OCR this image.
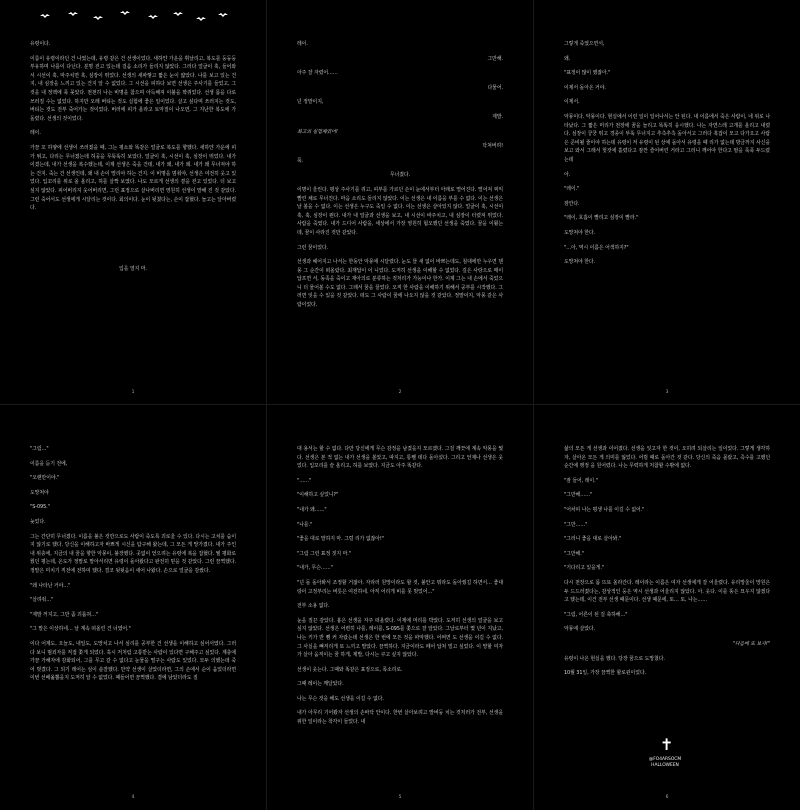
유령이다.

이름이 유령이라던 건 나였는데, 유령 같은 건 선생이었다. 새하얀 가운을 휘날리고, 복도를 둥둥둥 부유하며 나를이 다닌다. 분명 걷고 있는데 걸음 소리가 들리지 않았다. 그러다 얼굴이 훅, 들어와서 시선이 훅, 마주치면 훅, 심장이 뛰었다. 선생의 새파랗고 짧은 눈이 얇았다. 나를 보고 있는 건지, 내 심장을 느끼고 있는 건지 알 수 없었다. 그 시선을 피하다 보면 선생은 주사기를 들었고, 그것을 내 정맥에 푹 꽂았다. 천천히 나는 비명을 참으며 아득해져 이불을 꽉쥐었다. 선생 몸을 다로 쓰러질 수는 없었다. 하지만 오래 버티는 것도 실험에 좋은 일이었다. 살고 싶다며 쓰러지는 것도, 버티는 것도 전부 죽어가는 것이었다. 버러에 피가 올라고 토악질이 나오면, 그 지난한 복도에 가 돌렸다. 선생의 것이었다.

레이.

가끔 꼬 하얗에 선생이 쓰러졌을 때, 그는 평소와 똑같은 얼굴로 복도를 향했다. 새하얀 가운에 피가 튀고, 다리는 무너졌는데 허공을 무뚝뚝히 보았다. 얼굴이 훅, 시선이 훅, 심장이 뛰었다. 내가 이겼는데, 내가 선생을 복수했는데, 이제 선생은 죽을 건데, 내가 왜, 내가 왜. 내가 왜 무너져야 하는 건지. 죽는 건 선생인데, 왜 내 손이 떨리야 하는 건지. 이 비명을 멈춰야, 선생은 여전히 웃고 있었다. 입꼬리를 위로 올 올리고, 허를 살짝 보였다. 나도 모르게 선생의 곁을 걷고 있었다. 더 보고 싶지 않았다. 피어버리지 웃어버리면, 그런 표정으로 살나버리면 영원히 선생이 말해 진 것 같았다. 그런 죽어서도 선생에게 시달리는 것이다. 회의이다. 눈이 뒷쳤다는, 손이 잡혔다. 놀고는 달아버렸다.

입을 열지 마.

1

레이.

그만해.

아주 잘 자렸어……

다물어.

넌 정말이지,

제발.

최고의 실험체였어!

닥쳐버려!

푹.

무너졌다.

이명이 울린다. 평상 주사기를 쥐고, 피부를 가르던 손이 눈에서부터 아래로 떨어진다. 떨어져 찌익 빨린 채로 무너진다. 마음 소리도 들리지 않았다. 이는 선생은 내 이름을 부를 수 없다. 이는 선생은 날 볼을 수 없다. 이는 선생은 누구도 죽일 수 없다. 이는 선생은 살아있지 않다. 얼굴이 훅, 시선이 훅, 훅, 심장이 뛴다. 내가 내 얼굴과 선생을 보고, 내 시선이 바주치고, 내 심장이 터렸져 뛰었다. 사람을 죽였다. 내가 드디어 사람을, 세상에서 가장 영원히 혐오했던 선생을 죽였다. 꿈을 이뤘는데, 꿈이 사라진 것만 같았다.

그런 꿈이었다.

선생과 헤어지고 나서는 한동안 악몽에 시달렸다. 눈도 뜰 새 없이 바쁘는데도, 침대에만 누우면 덴몽 그 순간이 떠올랐다. 최재답이 이 니었다. 도저히 선생을 이해할 수 없었다. 깊은 사랑으로 매이답프면 서, 동족을 죽이고 재아의로 분류하는 것처리가 가능이나 한가. 이제 그는 내 손에서 죽었으니 더 물어볼 수도 없다. 그래서 꿈을 꿀었다. 오직 한 사람을 이해하기 위해서 공부를 시작했다. 그러면 잊을 수 있을 것 같았다. 떠도 그 사람이 꿈에 나오지 않을 것 같았다. 정말이지, 악몽 같은 사람이었다.

2

그렇게 죽였으면서,

왜.

"표정이 많이 했잖아."

이제서 돌아온 거야.

이제서.

악몽이다. 악몽이다. 현실에서 이런 일이 일어나서는 안 된다. 내 이름에서 죽은 사람이, 네 위로 나타났다. 그 짧은 머리가 천장에 꿈을 늘리고 똑똑히 응시했다. 나는 자연스레 고개를 올리고 내렸다. 심장이 쿵쿵 뛰고 경종이 뚜뚝 무너지고 추측추측 돌아서고 그러다 훅잡이 모고 다가오고 사람은 준비될 줄이야 하는데 유령이 저 유령이 된 상에 돌아서 유령을 때 리가 없는데 방금까지 사신을 보고 와서 그래서 헛것에 홀렸다고 잠깐 즐어버린 거라고 그러니 깨어야 한다고 팔을 푹푹 두드렸는데

아.

"레이."

잠깐다.

"레이, 호흡이 빨리고 심장이 빨라."

도망쳐야 한다.

"…아, 역시 이름은 어색하지?"

도망쳐야 한다.

3

"그럼…"

이름을 듣기 전에,

"오랜만이야."

도망쳐야

"S-095."

늦었다.

그는 간단히 무너졌다. 이름을 불은 것만으로도 사람이 죽도록 괴로울 수 있다. 다시는 고치를 숨이지 않기로 했다. 당신을 이해하고자 바쁘게 시신을 탐구해 왔는데, 그 모든 게 망가졌다. 내가 주인 내 위층에, 지금의 내 꿈을 향한 악몽이, 불장했다. 곳없이 얻으려는 유령에 복을 잡혔다. 뭘 평화로웠던 평는데, 온도가 정말로 말아서리면 유령이 돌아왔다고 완전히 믿을 것 같았다. 그런 끔찍했다. 정말은 미치기 직전에 전하여 했다. 결코 뒷뒷음이 새어 나왔다. 손으로 얼굴을 감쌌다.

"왜 나타난 거야…"

"살려줘…"

"제발 꺼지고, 그만 좀 괴롭혀…"

"그 말은 이상하네… 날 계속 떠올린 건 너였어."

이다 어제도, 오늘도, 내일도, 도망치고 나서 심리를 공부한 건 선생을 이해하고 싶어서였다. 그러다 보니 범죄자를 직접 쫓게 되었다. 혹시 저처럼 고통받는 사람이 있다면 구해주고 싶었다. 계층에 가끔 가해자에 감화되어, 그를 무고 갈 수 없다고 눈물을 떨구는 사람도 있었다. 모두 의했는데 죽어 벗겼다. 그 되기 레어는 심이 솔잘했다. 만약 선생이 살았더라면, 그의 손에서 순이 움었더라면 이번 선배옮뽑을지 도저히 알 수 없었다. 때들어면 끔찍했다. 결에 남았더라도 질

4

대 용서는 할 수 없다. 다만 당신에게 무슨 감정을 남겼을지 모르겠다. 그걸 깨끗에 계속 악몽을 꿨다. 선생은 본 적 없는 내가 선생을 볼았고, 따지고, 통쨀 데다 돌아섰다. 그리고 언제나 선생은 웃었다. 입꼬리를 슬 올리고, 허를 보였다. 지금도 아주 똑같다.

"……"

"이해하고 싶었니?"

"내가 왜……"

"나를."

"좋을 대로 말하지 마. 그럴 리가 없잖아!"

"그럼 그런 표정 짓지 마."

"내가, 무슨……"

"넌 돌 돌아봐서 조정할 거잖아. 자라러 원망이라도 할 것, 불안고 뭐라도 돌아줬길 하면서… 좋대랑이 고정부리는 버릇은 여전하네. 아직 어리게 비를 못 벗었어…"

전부 소용 없다.

눈을 질끈 감았다. 흉은 선생을 자주 떠올렸다. 이제에 머리를 박았다. 도저히 선생의 얼굴을 보고 싶지 않았다. 선생은 어련히 나를, 레이를, S-095를 쫓으로 잘 알았다. 그날로부터 몇 년이 지났고, 나는 키가 반 뼘 커 자랐는데 선생은 한 번에 모든 것을 파악했다. 어쩌면 도 선생을 이길 수 없다. 그 사실을 뼈저리게 또 느끼고 말았다. 끔찍하다. 지금이라도 떼어 답쳐 빌고 싶었다. 이 망할 여자가 살아 움직이는 꿈 하게, 제발, 다시는 쿠고 싶지 않았다.

선생이 웃는다. 그때와 똑같은 표정으로, 폭소리로.

그때 레이는 깨달았다.

나는 무슨 것을 해도 선생을 이길 수 없다.

내가 아무리 기어봤자 선생의 손바닥 안이다. 한번 살아보려고 발버둥 치는 것처러가 전부, 선생을 위한 일이라는 착각이 들었다. 내

5

삶의 모든 게 선생과 이어졌다. 선생을 잊고자 한 것이, 오히려 되살리는 일이었다. 그렇게 생각하자, 살아온 모든 게 의미를 잃었다. 어릴 때로 돌아간 것 같다. 당신의 죽음 몰랐고, 즉수를 고했던 순간에 맹정 을 원어렸다. 나는 무력하게 처참할 수밖에 없다.

"잠 들어, 레이."

"그만해……"

"어차피 나는 평생 나를 이길 수 없어."

"그만……"

"그러니 좋을 대로 살아봐."

"그만해."

"기다리고 있을게."

다시 천장으로 몸 뜨또 올라간다. 레이라는 이름은 여자 선생에게 잘 어울렸다. 유리망울이 망원은 두 드드러졌다는, 감상적인 둥은 역시 선생과 어울리지 않았다. 아. 웃다. 이를 뚱은 묘우지 않겠다고 했는데, 이건 전부 선생 때문이다. 선생 때문에, 또… 또, 나는……

"그럼, 어른이 된 걸 축하해…"

악몽에 살았다.

"다음에 또 보자!"

유령이 나온 현실을 했다. 당장 꿈으로 도망쳤다.

10월 31일, 가장 끔찍한 할로윈이었다.

✝
@FO4ARSOCM
HALLOWEEN
6
